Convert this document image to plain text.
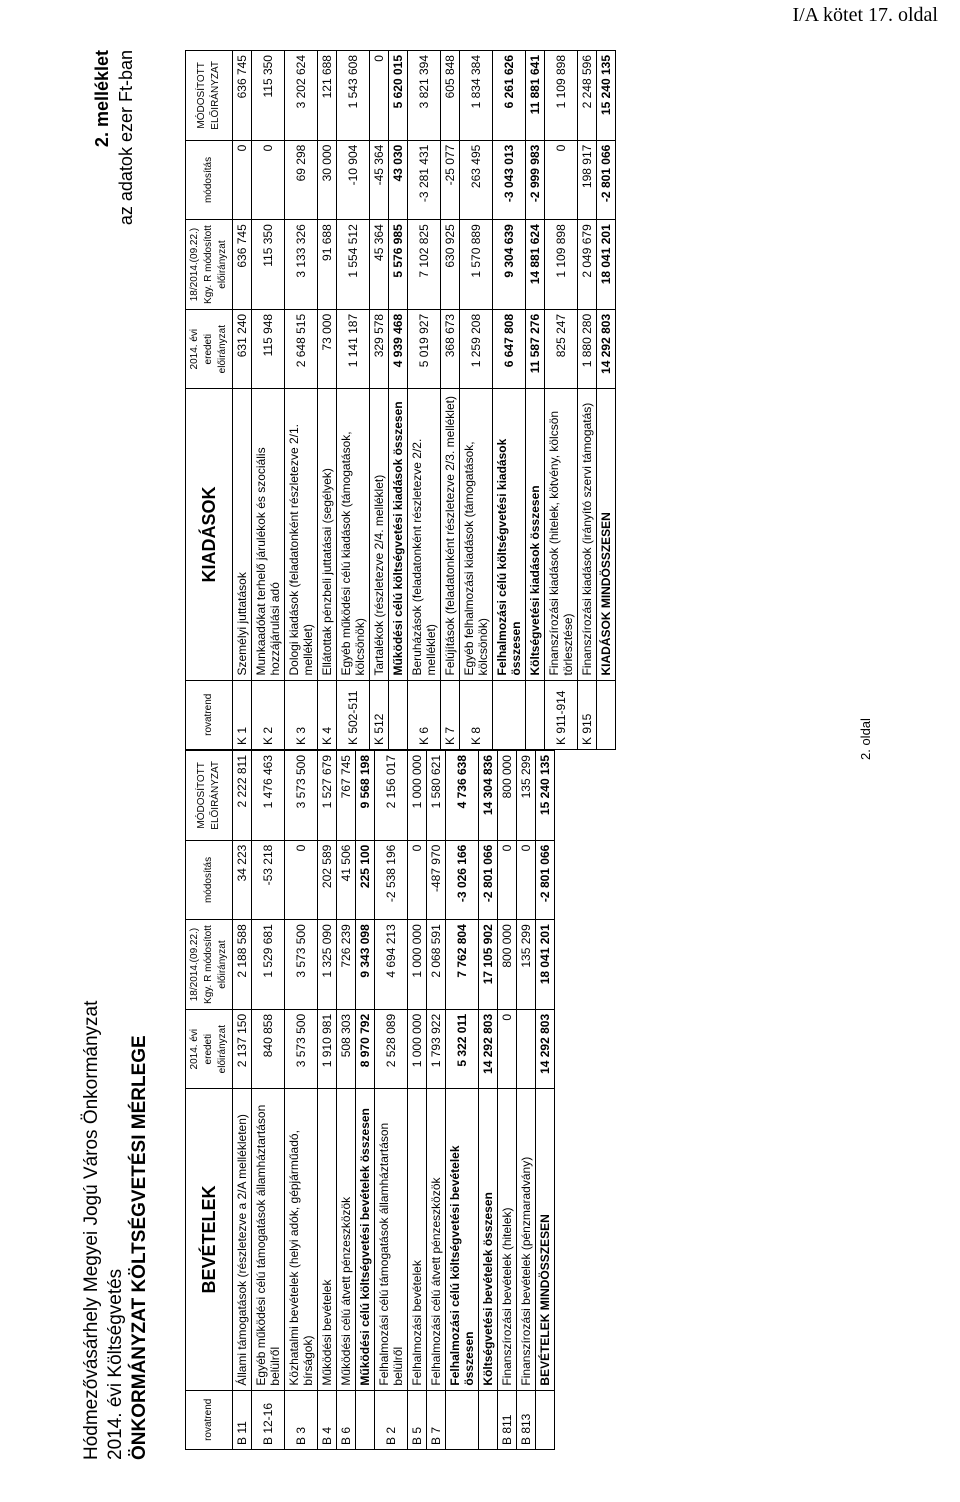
I/A kötet 17. oldal
Hódmezővásárhely Megyei Jogú Város Önkormányzat 2014. évi Költségvetés ÖNKORMÁNYZAT KÖLTSÉGVETÉSI MÉRLEGE
2. melléklet az adatok ezer Ft-ban
rovatrend	BEVÉTELEK	2014. évi eredeti előirányzat	18/2014.(09.22.) Kgy. R módosított előirányzat	módosítás	MÓDOSÍTOTT ELŐIRÁNYZAT
B 11	Állami támogatások (részletezve a 2/A mellékleten)	2 137 150	2 188 588	34 223	2 222 811
B 12-16	Egyéb működési célú támogatások államháztartáson belülről	840 858	1 529 681	-53 218	1 476 463
B 3	Közhatalmi bevételek (helyi adók, gépjárműadó, bírságok)	3 573 500	3 573 500	0	3 573 500
B 4	Működési bevételek	1 910 981	1 325 090	202 589	1 527 679
B 6	Működési célú átvett pénzeszközök	508 303	726 239	41 506	767 745
	Működési célú költségvetési bevételek összesen	8 970 792	9 343 098	225 100	9 568 198
B 2	Felhalmozási célú támogatások államháztartáson belülről	2 528 089	4 694 213	-2 538 196	2 156 017
B 5	Felhalmozási bevételek	1 000 000	1 000 000	0	1 000 000
B 7	Felhalmozási célú átvett pénzeszközök	1 793 922	2 068 591	-487 970	1 580 621
	Felhalmozási célú költségvetési bevételek összesen	5 322 011	7 762 804	-3 026 166	4 736 638
	Költségvetési bevételek összesen	14 292 803	17 105 902	-2 801 066	14 304 836
B 811	Finanszírozási bevételek (hitelek)	0	800 000	0	800 000
B 813	Finanszírozási bevételek (pénzmaradvány)		135 299	0	135 299
	BEVÉTELEK MINDÖSSZESEN	14 292 803	18 041 201	-2 801 066	15 240 135
rovatrend	KIADÁSOK	2014. évi eredeti előirányzat	18/2014.(09.22.) Kgy. R módosított előirányzat	módosítás	MÓDOSÍTOTT ELŐIRÁNYZAT
K 1	Személyi juttatások	631 240	636 745	0	636 745
K 2	Munkaadókat terhelő járulékok és szociális hozzájárulási adó	115 948	115 350	0	115 350
K 3	Dologi kiadások (feladatonként részletezve 2/1. melléklet)	2 648 515	3 133 326	69 298	3 202 624
K 4	Ellátottak pénzbeli juttatásai (segélyek)	73 000	91 688	30 000	121 688
K 502-511	Egyéb működési célú kiadások (támogatások, kölcsönök)	1 141 187	1 554 512	-10 904	1 543 608
K 512	Tartalékok (részletezve 2/4. melléklet)	329 578	45 364	-45 364	0
	Működési célú költségvetési kiadások összesen	4 939 468	5 576 985	43 030	5 620 015
K 6	Beruházások (feladatonként részletezve 2/2. melléklet)	5 019 927	7 102 825	-3 281 431	3 821 394
K 7	Felújítások (feladatonként részletezve 2/3. melléklet)	368 673	630 925	-25 077	605 848
K 8	Egyéb felhalmozási kiadások (támogatások, kölcsönök)	1 259 208	1 570 889	263 495	1 834 384
	Felhalmozási célú költségvetési kiadások összesen	6 647 808	9 304 639	-3 043 013	6 261 626
	Költségvetési kiadások összesen	11 587 276	14 881 624	-2 999 983	11 881 641
K 911-914	Finanszírozási kiadások (hitelek, kötvény, kölcsön törlesztése)	825 247	1 109 898	0	1 109 898
K 915	Finanszírozási kiadások (irányító szervi támogatás)	1 880 280	2 049 679	198 917	2 248 596
	KIADÁSOK MINDÖSSZESEN	14 292 803	18 041 201	-2 801 066	15 240 135
2. oldal
